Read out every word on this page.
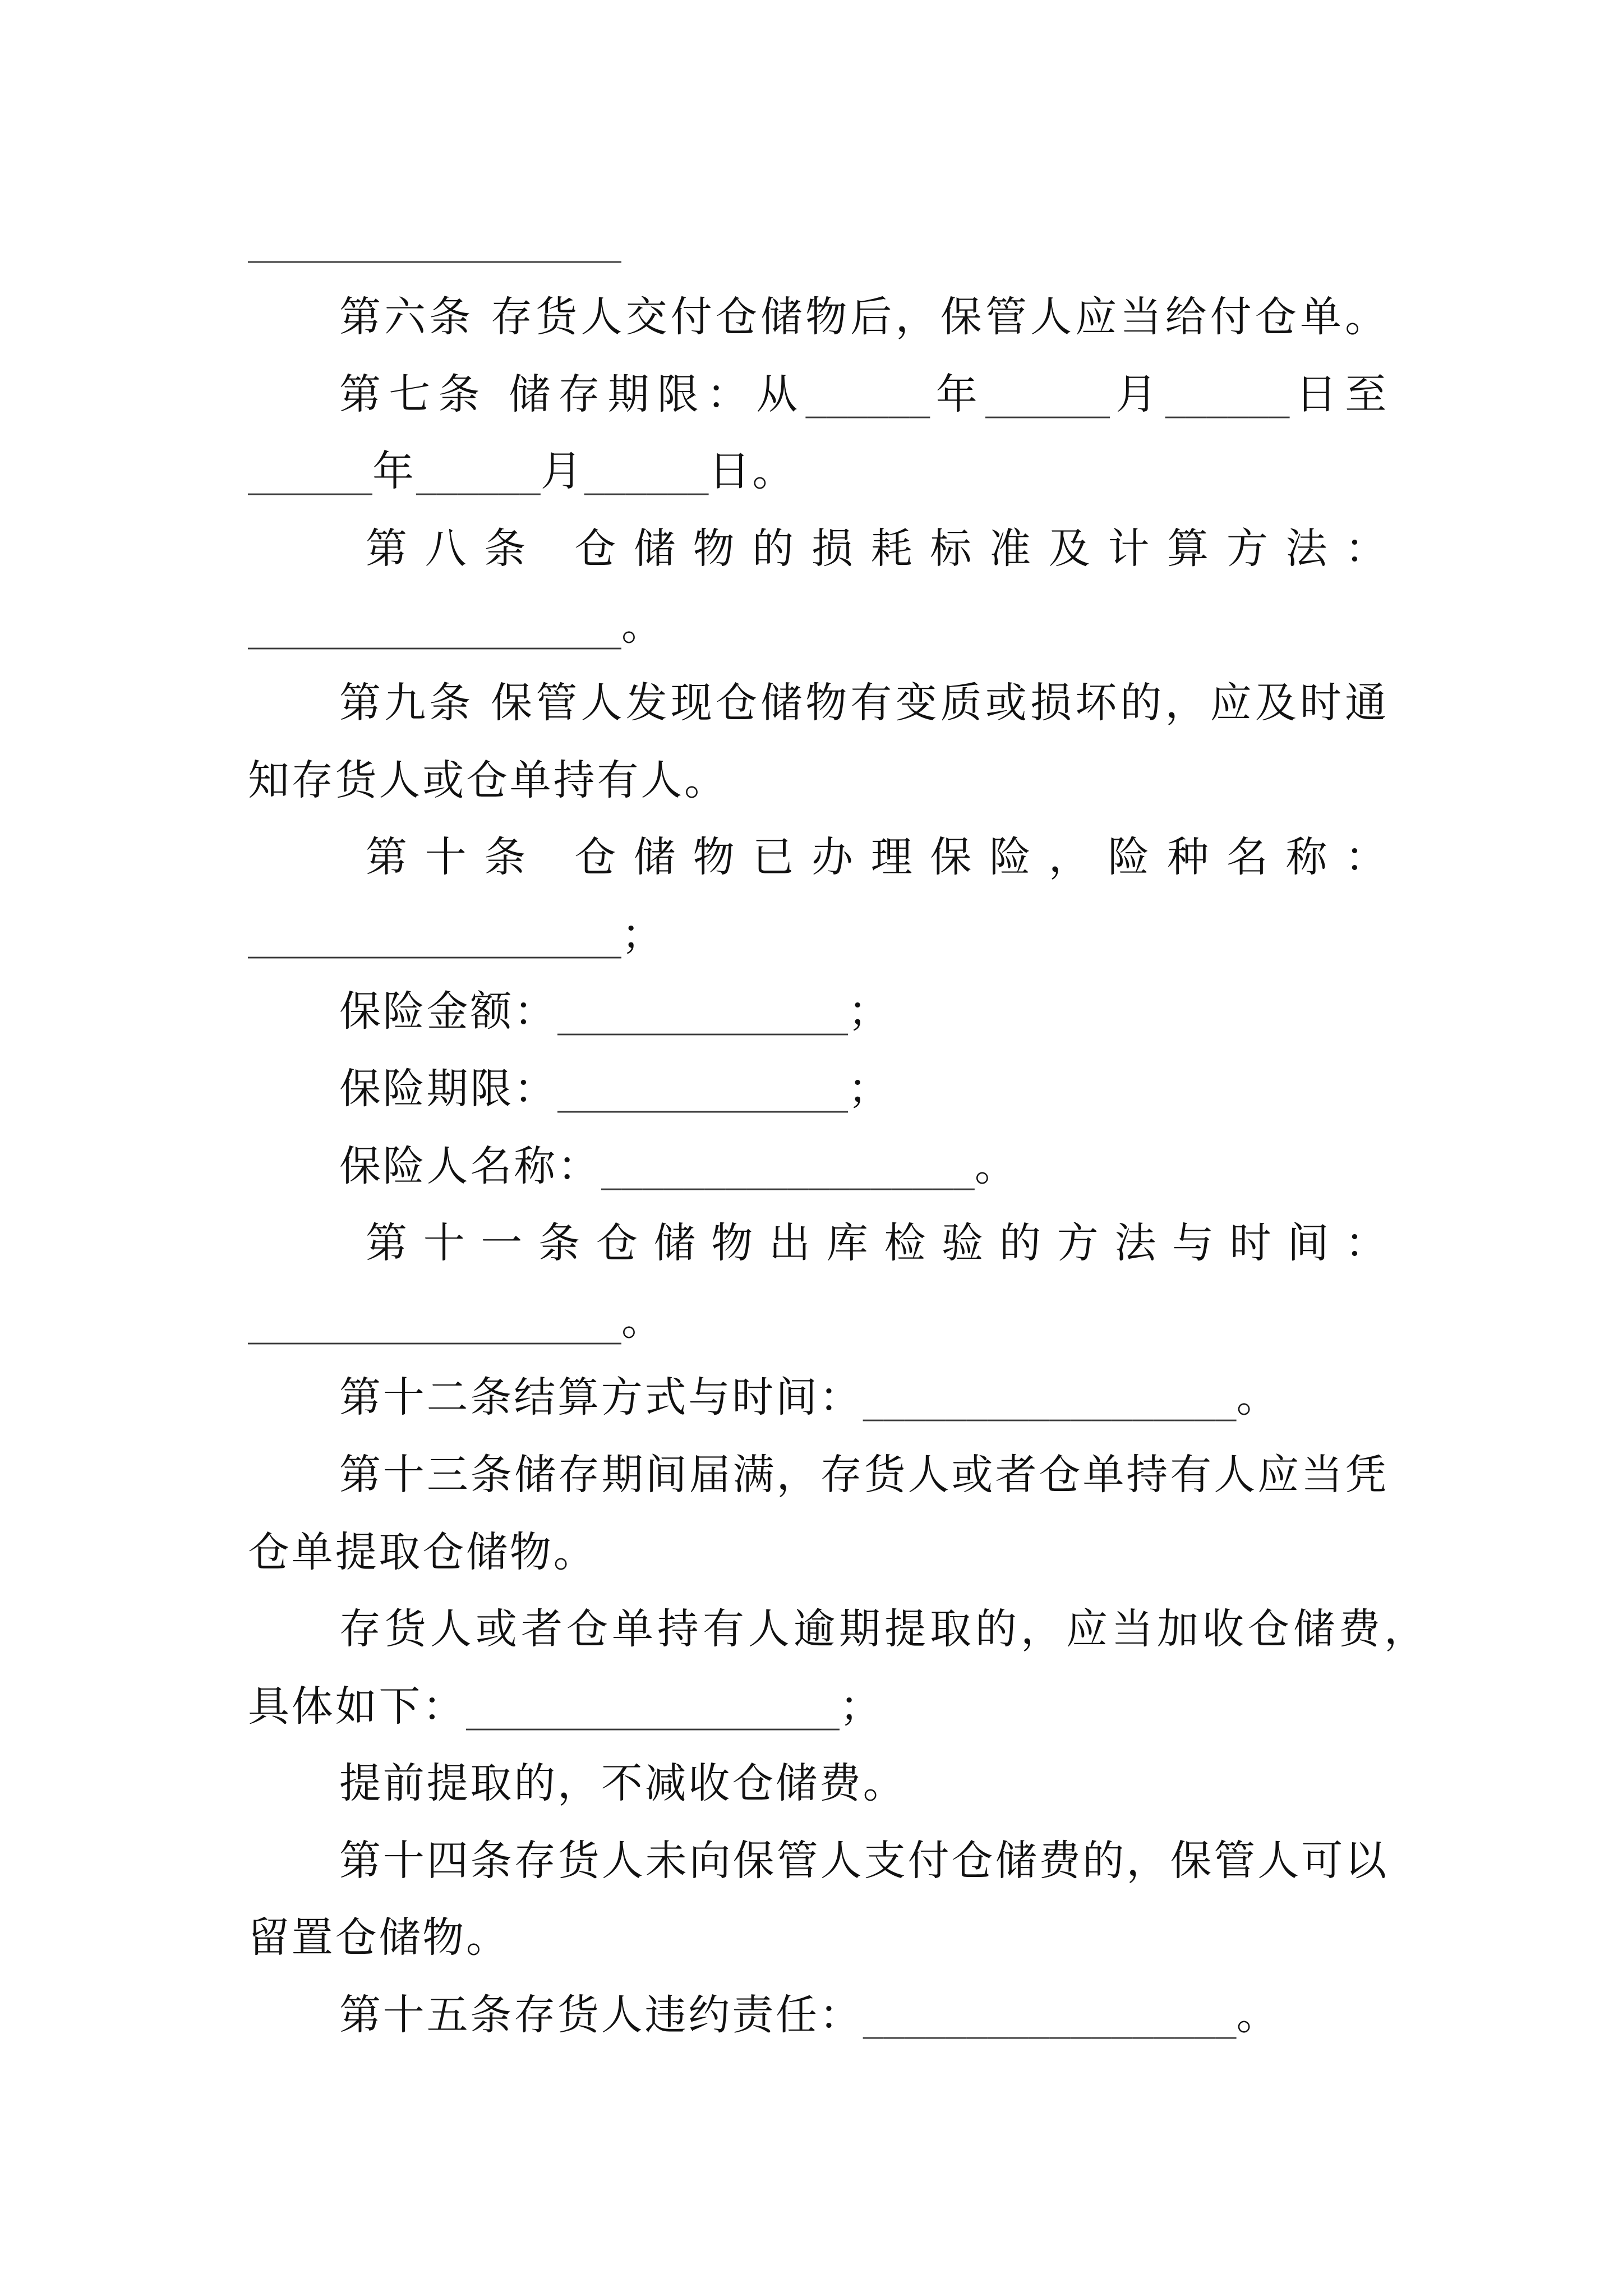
__________________
第六条 存货人交付仓储物后，保管人应当给付仓单。
第七条 储存期限：从______年______月______日至
______年______月______日。
第八条 仓储物的损耗标准及计算方法：
__________________。
第九条 保管人发现仓储物有变质或损坏的，应及时通
知存货人或仓单持有人。
第十条 仓储物已办理保险，险种名称：
__________________；
保险金额：______________；
保险期限：______________；
保险人名称：__________________。
第十一条仓储物出库检验的方法与时间：
__________________。
第十二条结算方式与时间：__________________。
第十三条储存期间届满，存货人或者仓单持有人应当凭
仓单提取仓储物。
存货人或者仓单持有人逾期提取的，应当加收仓储费，
具体如下：__________________；
提前提取的，不减收仓储费。
第十四条存货人未向保管人支付仓储费的，保管人可以
留置仓储物。
第十五条存货人违约责任：__________________。
